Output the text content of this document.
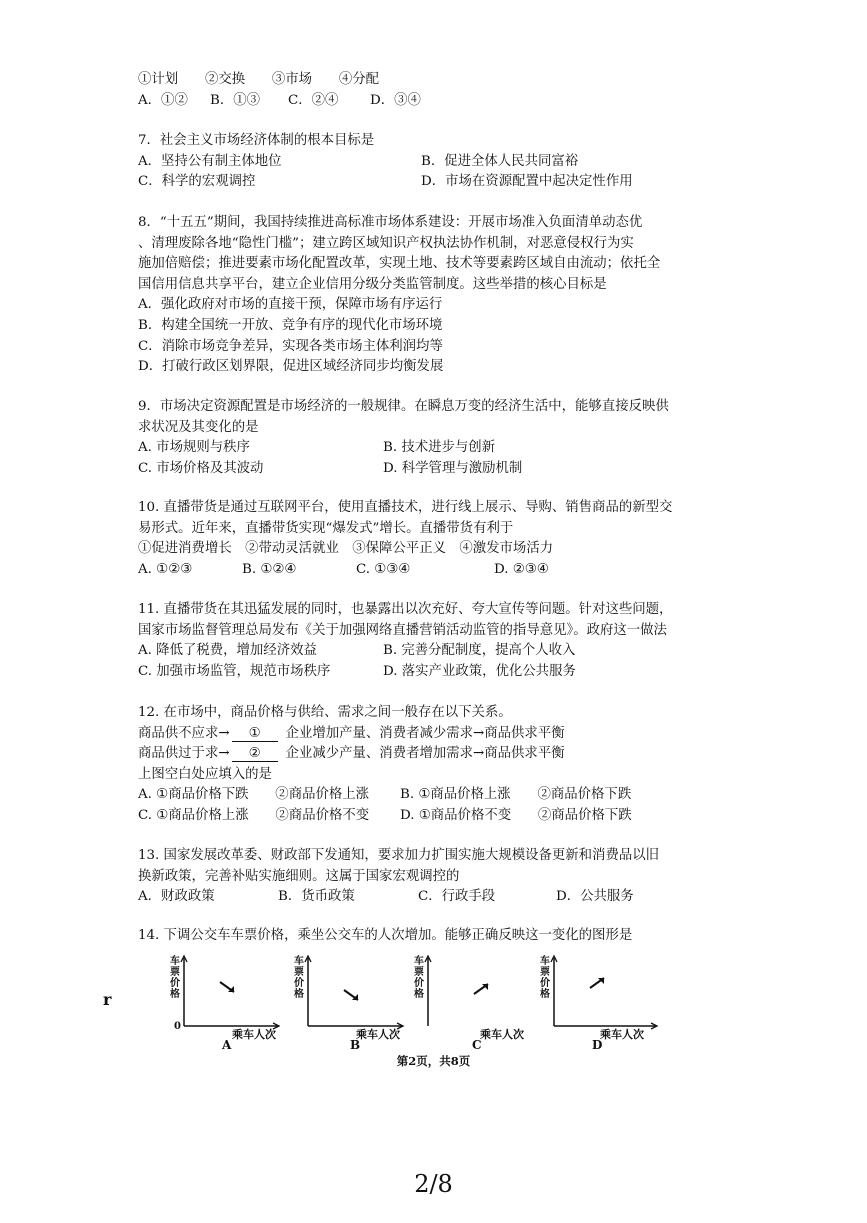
①计划　　②交换　　③市场　　④分配
A．①②	B．①③	C．②④	D．③④
7．社会主义市场经济体制的根本目标是
A．坚持公有制主体地位	B．促进全体人民共同富裕
C．科学的宏观调控	D．市场在资源配置中起决定性作用
8．“十五五”期间，我国持续推进高标准市场体系建设：开展市场准入负面清单动态优
、清理废除各地“隐性门槛”；建立跨区域知识产权执法协作机制，对恶意侵权行为实
施加倍赔偿；推进要素市场化配置改革，实现土地、技术等要素跨区域自由流动；依托全
国信用信息共享平台，建立企业信用分级分类监管制度。这些举措的核心目标是
A．强化政府对市场的直接干预，保障市场有序运行
B．构建全国统一开放、竞争有序的现代化市场环境
C．消除市场竞争差异，实现各类市场主体利润均等
D．打破行政区划界限，促进区域经济同步均衡发展
9．市场决定资源配置是市场经济的一般规律。在瞬息万变的经济生活中，能够直接反映供
求状况及其变化的是
A. 市场规则与秩序	B. 技术进步与创新
C. 市场价格及其波动	D. 科学管理与激励机制
10. 直播带货是通过互联网平台，使用直播技术，进行线上展示、导购、销售商品的新型交
易形式。近年来，直播带货实现“爆发式”增长。直播带货有利于
①促进消费增长　②带动灵活就业　③保障公平正义　④激发市场活力
A. ①②③	B. ①②④	C. ①③④	D. ②③④
11. 直播带货在其迅猛发展的同时，也暴露出以次充好、夸大宣传等问题。针对这些问题，
国家市场监督管理总局发布《关于加强网络直播营销活动监管的指导意见》。政府这一做法
A. 降低了税费，增加经济效益	B. 完善分配制度，提高个人收入
C. 加强市场监管，规范市场秩序	D. 落实产业政策，优化公共服务
12. 在市场中，商品价格与供给、需求之间一般存在以下关系。
商品供不应求→ ① 企业增加产量、消费者减少需求→商品供求平衡
商品供过于求→ ② 企业减少产量、消费者增加需求→商品供求平衡
上图空白处应填入的是
A. ①商品价格下跌　　②商品价格上涨	B. ①商品价格上涨　　②商品价格下跌
C. ①商品价格上涨　　②商品价格不变	D. ①商品价格不变　　②商品价格下跌
13. 国家发展改革委、财政部下发通知，要求加力扩围实施大规模设备更新和消费品以旧
换新政策，完善补贴实施细则。这属于国家宏观调控的
A．财政政策	B．货币政策	C．行政手段	D．公共服务
14. 下调公交车车票价格，乘坐公交车的人次增加。能够正确反映这一变化的图形是
r
车票价格
0
乘车人次
A
车票价格
乘车人次
B
车票价格
乘车人次
C
车票价格
乘车人次
D
第2页，共8页
2/8
